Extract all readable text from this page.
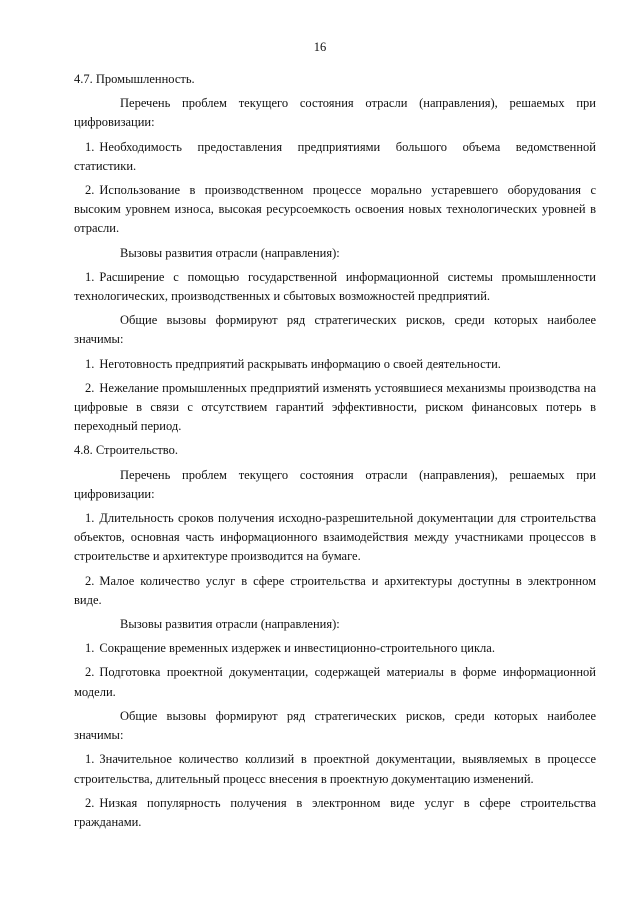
16

4.7. Промышленность.

Перечень проблем текущего состояния отрасли (направления), решаемых при цифровизации:

1. Необходимость предоставления предприятиями большого объема ведомственной статистики.

2. Использование в производственном процессе морально устаревшего оборудования с высоким уровнем износа, высокая ресурсоемкость освоения новых технологических уровней в отрасли.

Вызовы развития отрасли (направления):

1. Расширение с помощью государственной информационной системы промышленности технологических, производственных и сбытовых возможностей предприятий.

Общие вызовы формируют ряд стратегических рисков, среди которых наиболее значимы:

1. Неготовность предприятий раскрывать информацию о своей деятельности.

2. Нежелание промышленных предприятий изменять устоявшиеся механизмы производства на цифровые в связи с отсутствием гарантий эффективности, риском финансовых потерь в переходный период.

4.8. Строительство.

Перечень проблем текущего состояния отрасли (направления), решаемых при цифровизации:

1. Длительность сроков получения исходно-разрешительной документации для строительства объектов, основная часть информационного взаимодействия между участниками процессов в строительстве и архитектуре производится на бумаге.

2. Малое количество услуг в сфере строительства и архитектуры доступны в электронном виде.

Вызовы развития отрасли (направления):

1. Сокращение временных издержек и инвестиционно-строительного цикла.

2. Подготовка проектной документации, содержащей материалы в форме информационной модели.

Общие вызовы формируют ряд стратегических рисков, среди которых наиболее значимы:

1. Значительное количество коллизий в проектной документации, выявляемых в процессе строительства, длительный процесс внесения в проектную документацию изменений.

2. Низкая популярность получения в электронном виде услуг в сфере строительства гражданами.
